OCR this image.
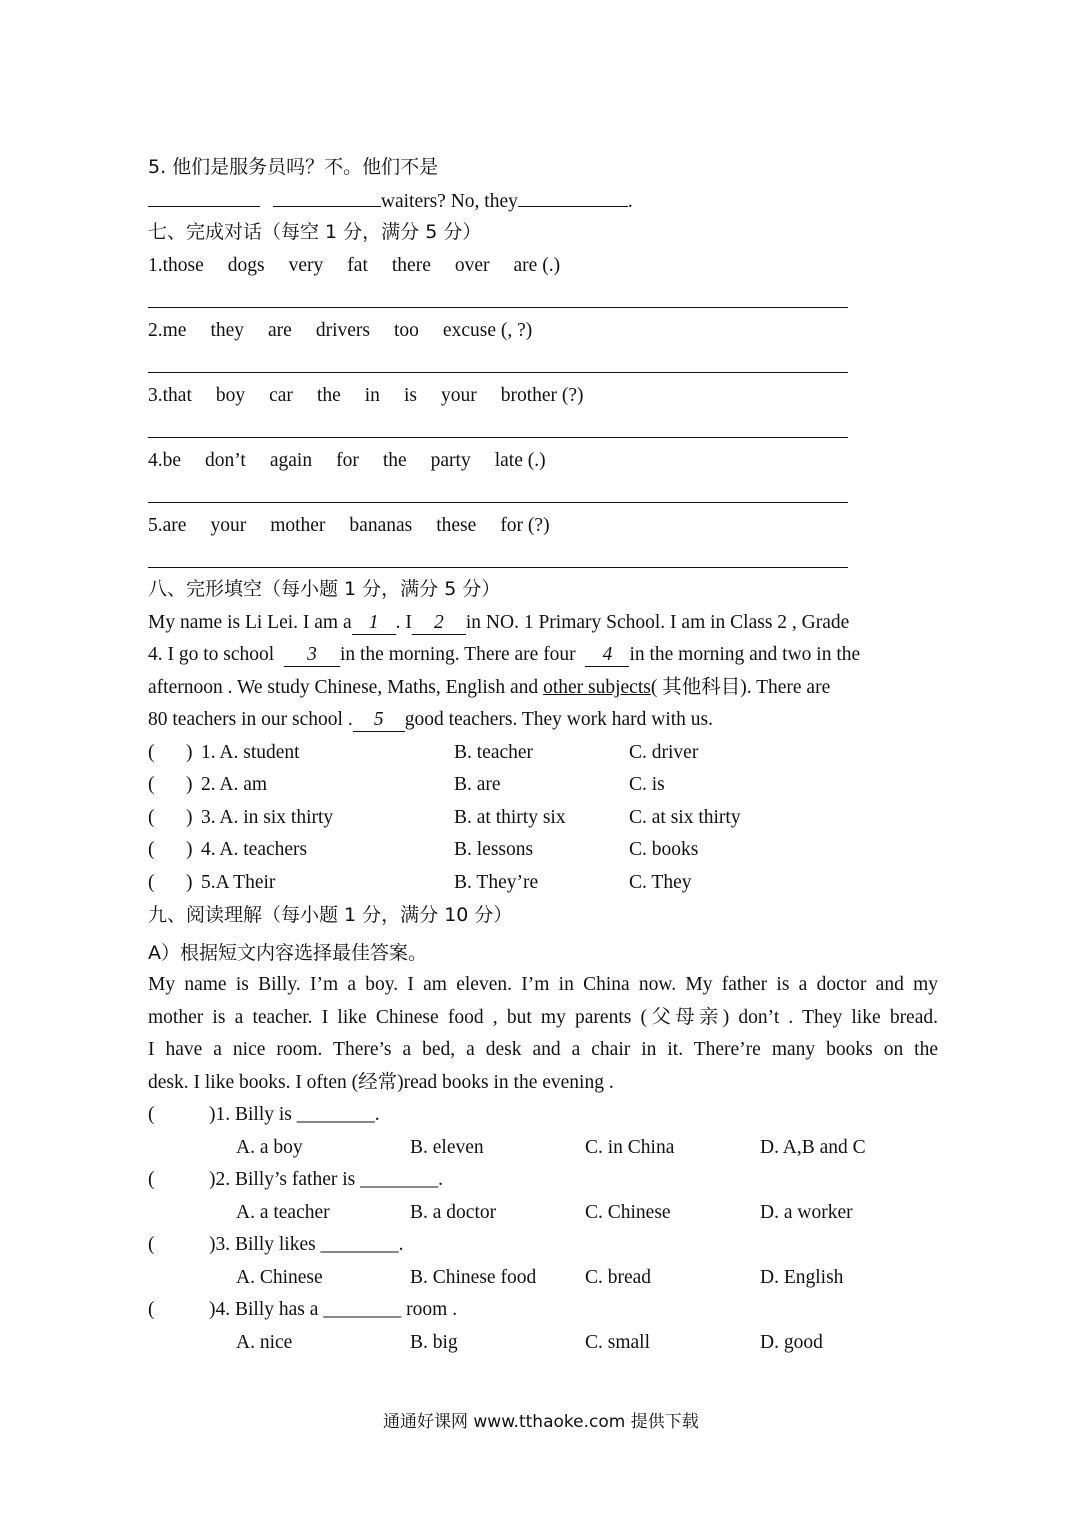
5. 他们是服务员吗？不。他们不是
waiters? No, they	.
七、完成对话（每空 1 分，满分 5 分）
1.those dogs very fat there over are (.)
2.me they are drivers too excuse (, ?)
3.that boy car the in is your brother (?)
4.be don’t again for the party late (.)
5.are your mother bananas these for (?)
八、完形填空（每小题 1 分，满分 5 分）
My name is Li Lei. I am a 1 . I 2 in NO. 1 Primary School. I am in Class 2 , Grade
4. I go to school 3 in the morning. There are four 4 in the morning and two in the
afternoon . We study Chinese, Maths, English and other subjects( 其他科目). There are
80 teachers in our school . 5 good teachers. They work hard with us.
( ) 1. A. student	B. teacher	C. driver
( ) 2. A. am	B. are	C. is
( ) 3. A. in six thirty	B. at thirty six	C. at six thirty
( ) 4. A. teachers	B. lessons	C. books
( ) 5.A Their	B. They’re	C. They
九、阅读理解（每小题 1 分，满分 10 分）
A）根据短文内容选择最佳答案。
My name is Billy. I’m a boy. I am eleven. I’m in China now. My father is a doctor and my
mother is a teacher. I like Chinese food , but my parents (父母亲) don’t . They like bread.
I have a nice room. There’s a bed, a desk and a chair in it. There’re many books on the
desk. I like books. I often (经常)read books in the evening .
(	)1. Billy is ________.
A. a boy	B. eleven	C. in China	D. A,B and C
(	)2. Billy’s father is ________.
A. a teacher	B. a doctor	C. Chinese	D. a worker
(	)3. Billy likes ________.
A. Chinese	B. Chinese food	C. bread	D. English
(	)4. Billy has a ________ room .
A. nice	B. big	C. small	D. good
通通好课网 www.tthaoke.com 提供下载
